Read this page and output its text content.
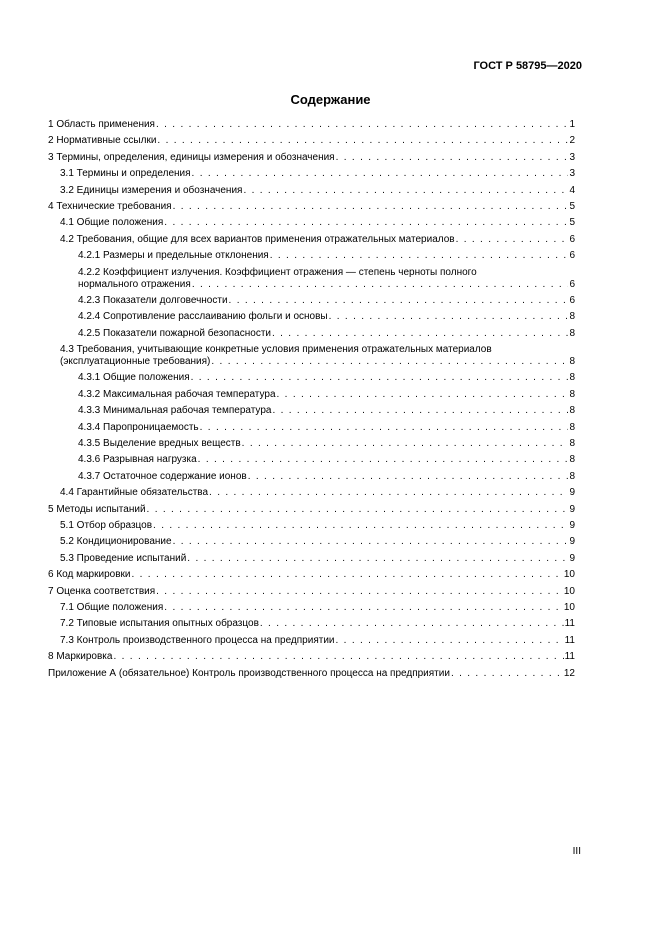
ГОСТ Р 58795—2020
Содержание
1 Область применения . . .	1
2 Нормативные ссылки . . .	2
3 Термины, определения, единицы измерения и обозначения . . .	3
3.1 Термины и определения . . .	3
3.2 Единицы измерения и обозначения . . .	4
4 Технические требования . . .	5
4.1 Общие положения . . .	5
4.2 Требования, общие для всех вариантов применения отражательных материалов . . .	6
4.2.1 Размеры и предельные отклонения . . .	6
4.2.2 Коэффициент излучения. Коэффициент отражения — степень черноты полного
нормального отражения . . .	6
4.2.3 Показатели долговечности . . .	6
4.2.4 Сопротивление расслаиванию фольги и основы . . .	8
4.2.5 Показатели пожарной безопасности . . .	8
4.3 Требования, учитывающие конкретные условия применения отражательных материалов
(эксплуатационные требования) . . .	8
4.3.1 Общие положения . . .	8
4.3.2 Максимальная рабочая температура . . .	8
4.3.3 Минимальная рабочая температура . . .	8
4.3.4 Паропроницаемость . . .	8
4.3.5 Выделение вредных веществ . . .	8
4.3.6 Разрывная нагрузка . . .	8
4.3.7 Остаточное содержание ионов . . .	8
4.4 Гарантийные обязательства . . .	9
5 Методы испытаний . . .	9
5.1 Отбор образцов . . .	9
5.2 Кондиционирование . . .	9
5.3 Проведение испытаний . . .	9
6 Код маркировки . . .	10
7 Оценка соответствия . . .	10
7.1 Общие положения . . .	10
7.2 Типовые испытания опытных образцов . . .	11
7.3 Контроль производственного процесса на предприятии . . .	11
8 Маркировка . . .	11
Приложение А (обязательное) Контроль производственного процесса на предприятии . . .	12
III
